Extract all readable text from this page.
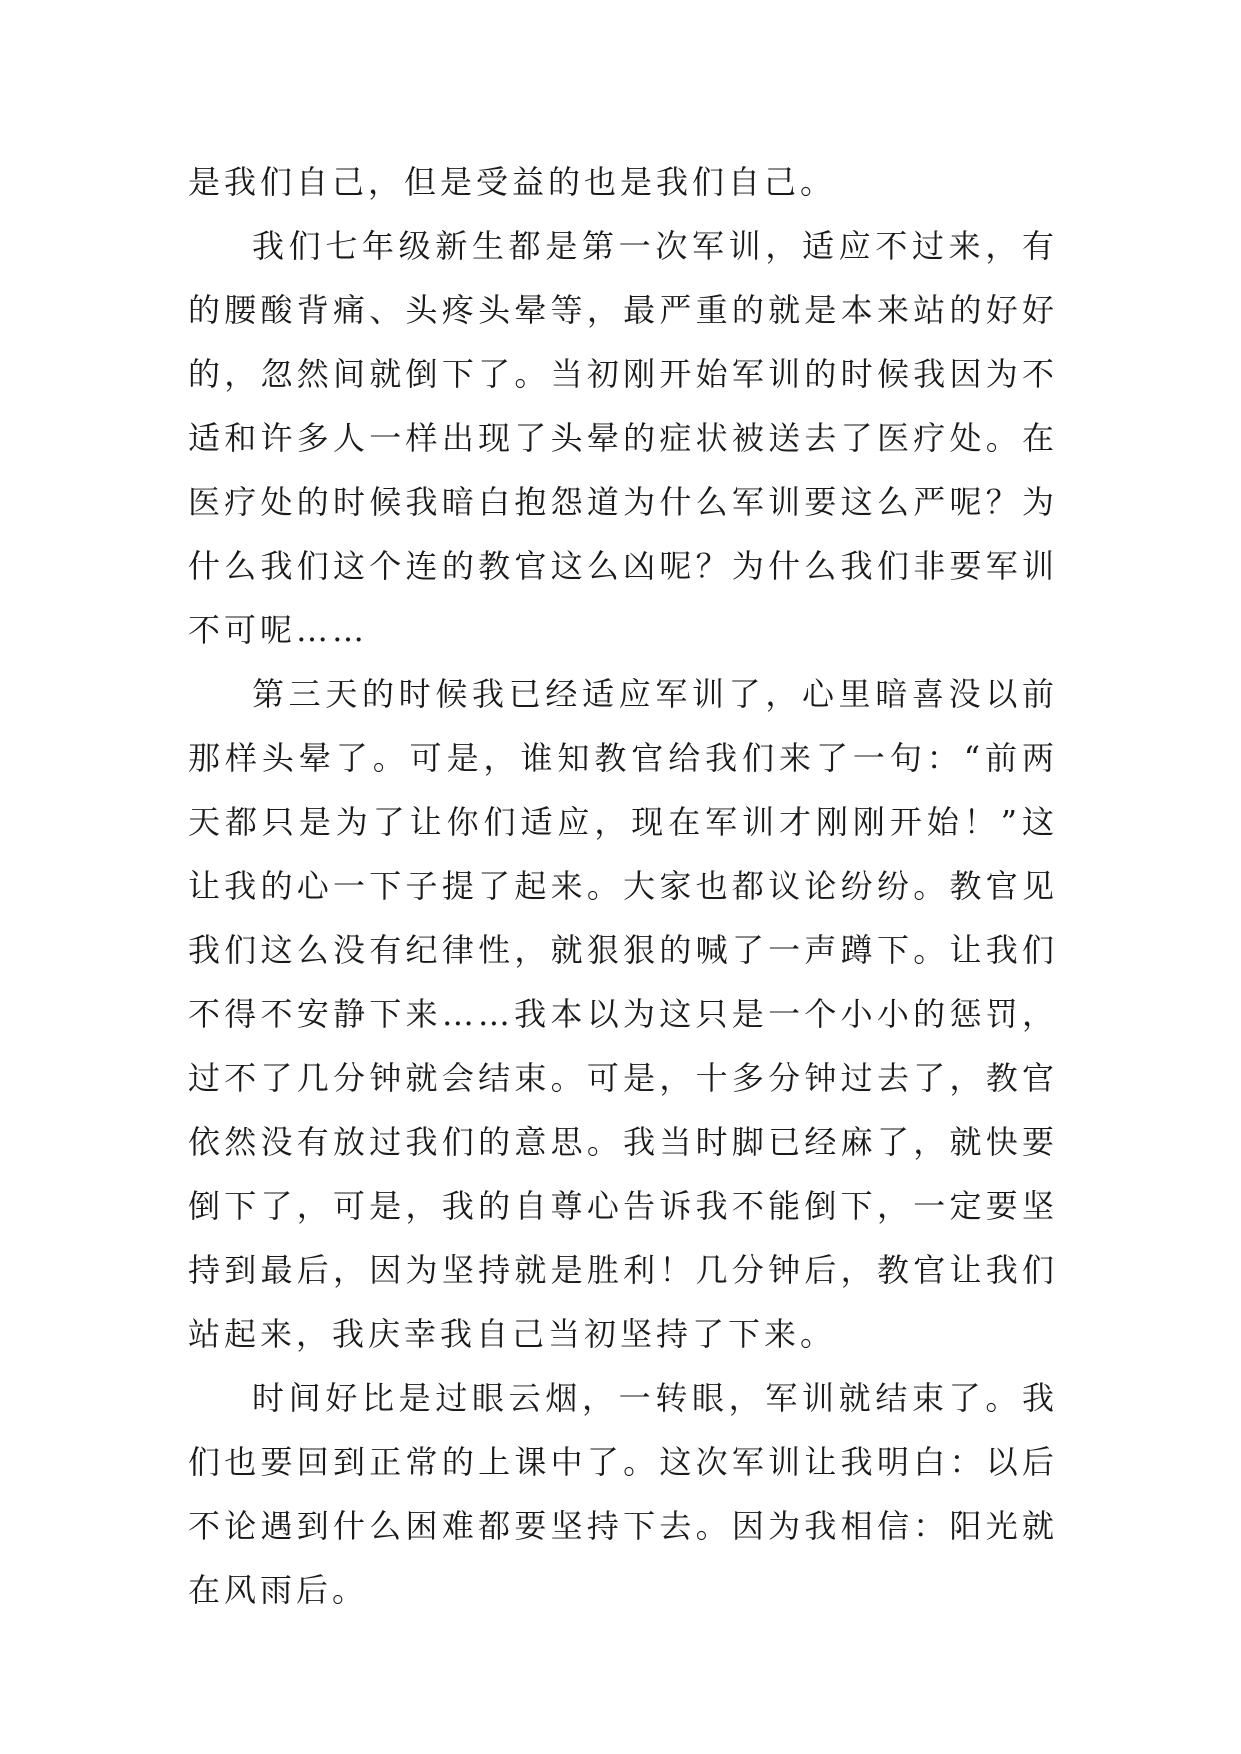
是我们自己，但是受益的也是我们自己。

我们七年级新生都是第一次军训，适应不过来，有的腰酸背痛、头疼头晕等，最严重的就是本来站的好好的，忽然间就倒下了。当初刚开始军训的时候我因为不适和许多人一样出现了头晕的症状被送去了医疗处。在医疗处的时候我暗白抱怨道为什么军训要这么严呢？为什么我们这个连的教官这么凶呢？为什么我们非要军训不可呢……

第三天的时候我已经适应军训了，心里暗喜没以前那样头晕了。可是，谁知教官给我们来了一句：“前两天都只是为了让你们适应，现在军训才刚刚开始！”这让我的心一下子提了起来。大家也都议论纷纷。教官见我们这么没有纪律性，就狠狠的喊了一声蹲下。让我们不得不安静下来……我本以为这只是一个小小的惩罚，过不了几分钟就会结束。可是，十多分钟过去了，教官依然没有放过我们的意思。我当时脚已经麻了，就快要倒下了，可是，我的自尊心告诉我不能倒下，一定要坚持到最后，因为坚持就是胜利！几分钟后，教官让我们站起来，我庆幸我自己当初坚持了下来。

时间好比是过眼云烟，一转眼，军训就结束了。我们也要回到正常的上课中了。这次军训让我明白：以后不论遇到什么困难都要坚持下去。因为我相信：阳光就在风雨后。
